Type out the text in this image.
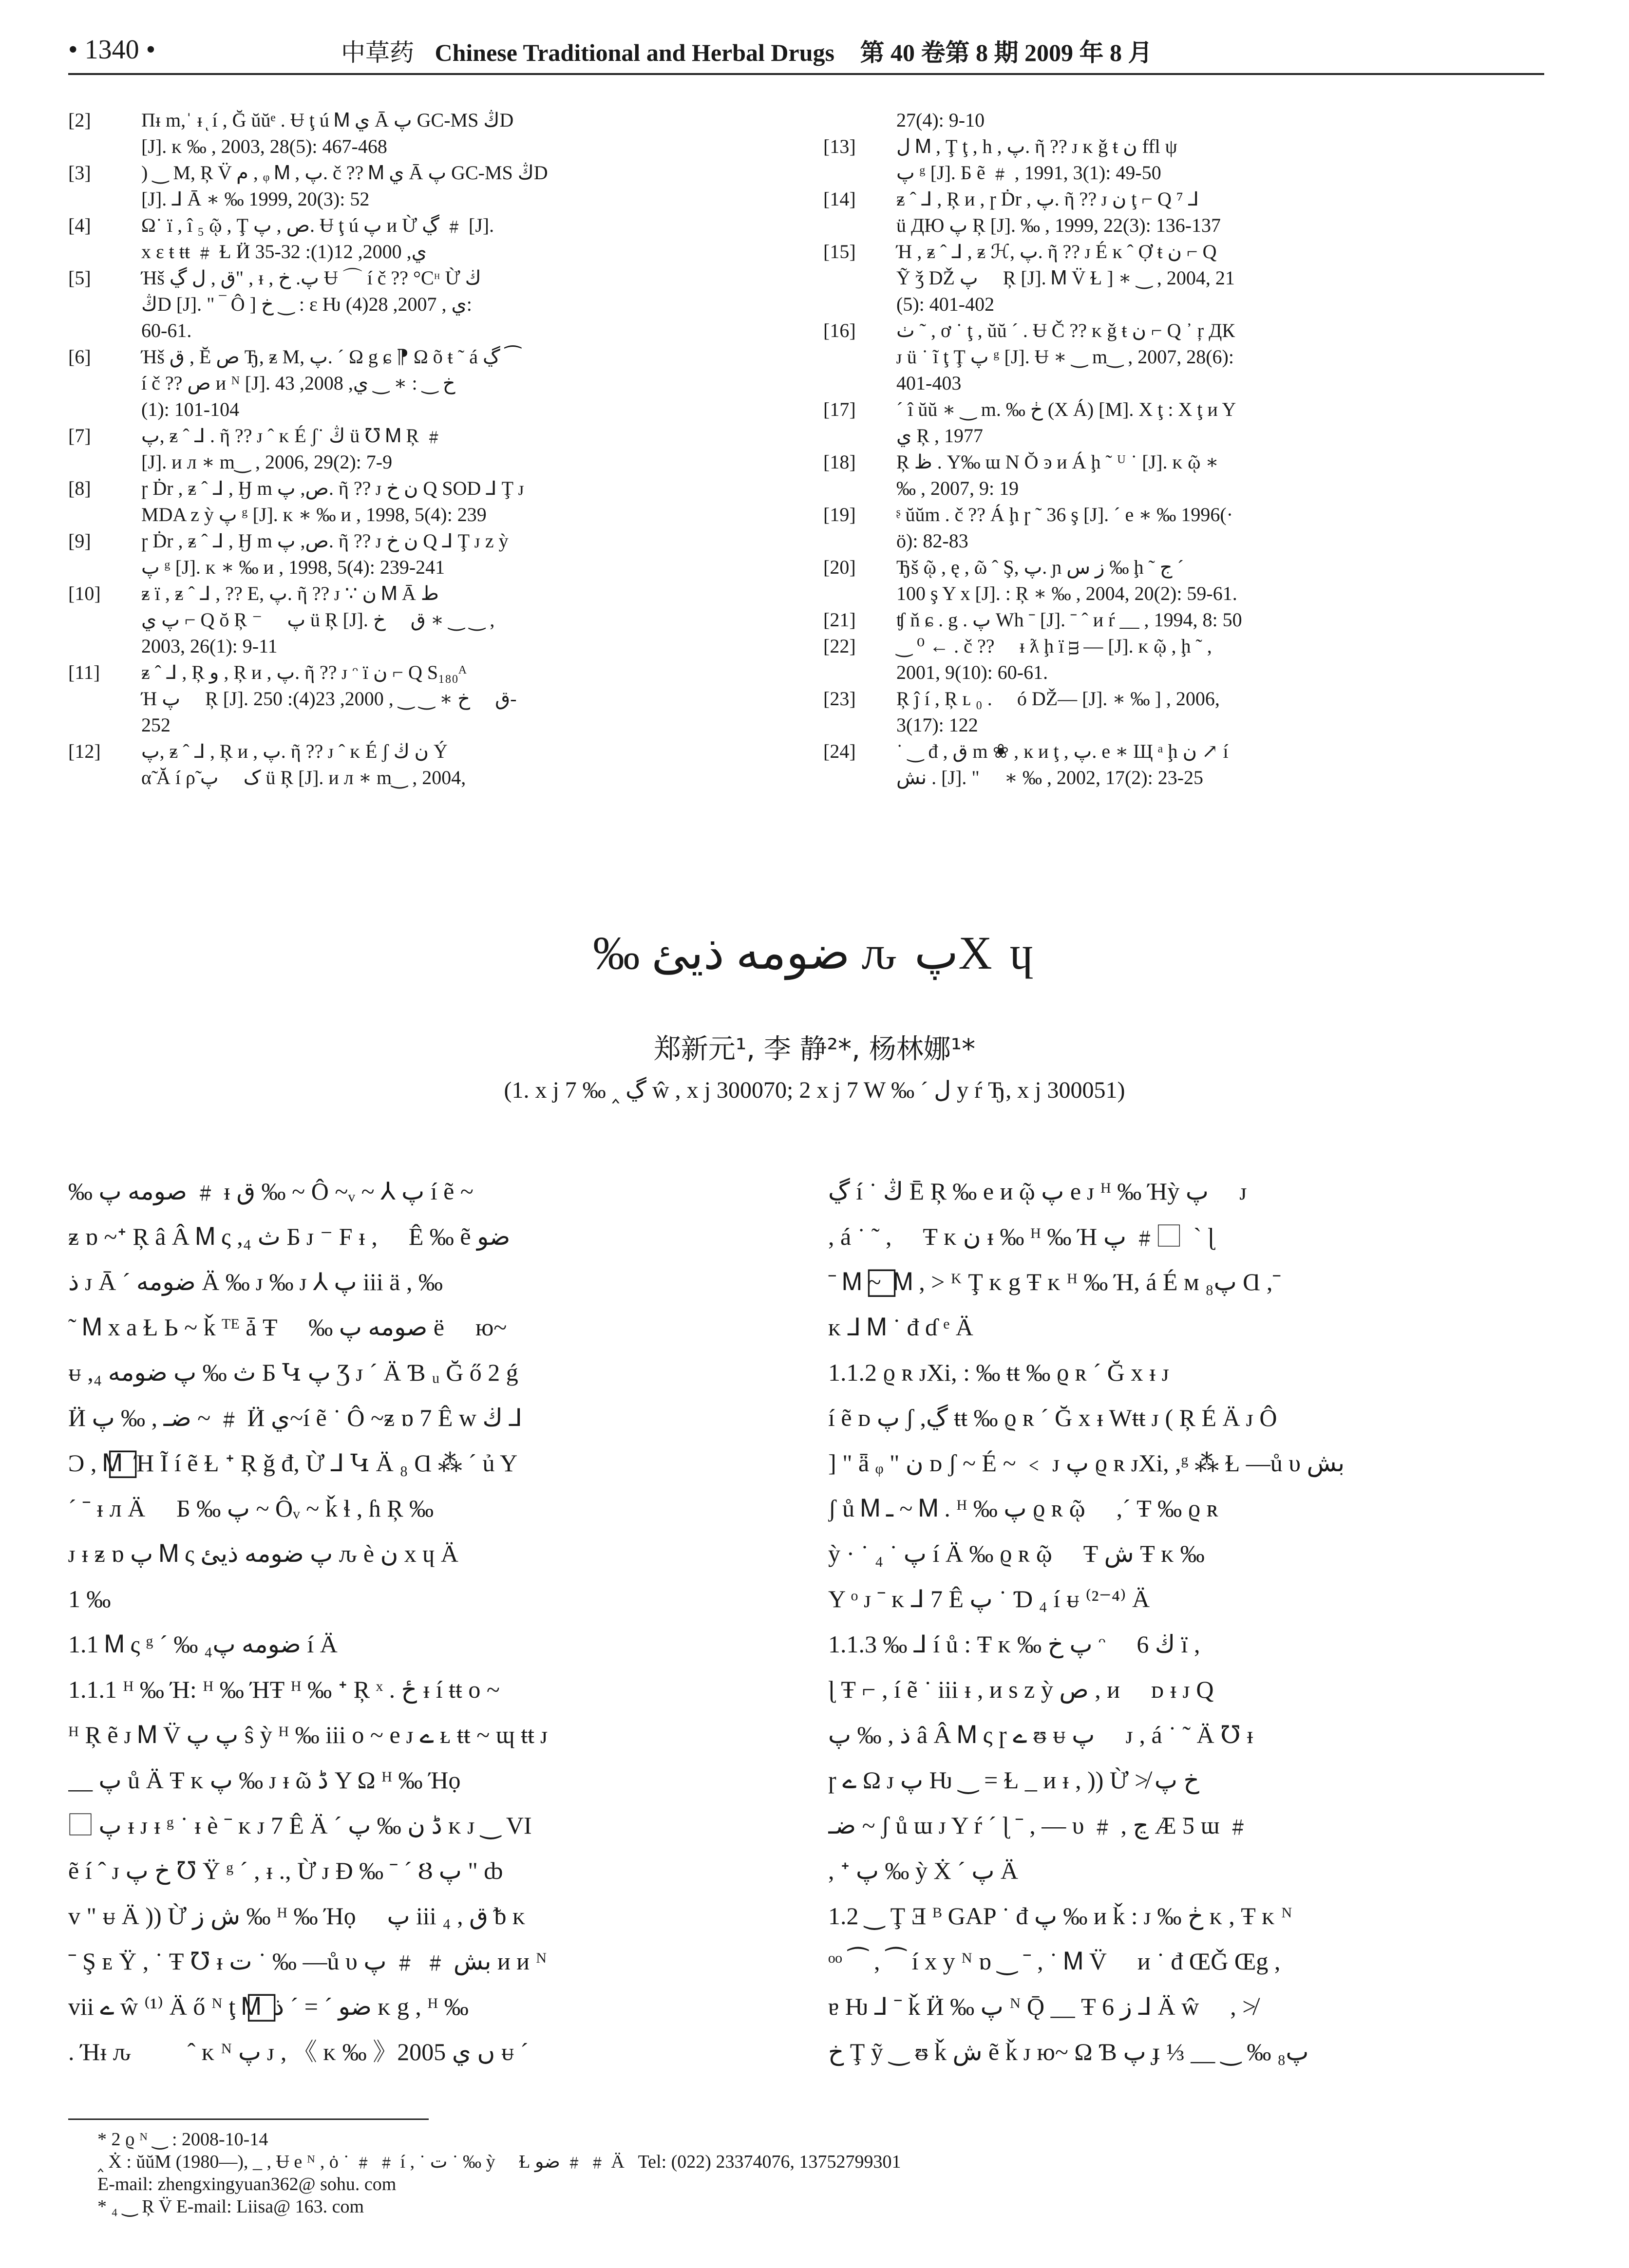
• 1340 •	中草药 Chinese Traditional and Herbal Drugs 第 40 卷第 8 期 2009 年 8 月
[2]	Пᵻ m,ˈ ᵻ ͅ í , Ğ ŭŭᵉ . Ʉ ţ ú Ꮇ ي Ā پ GC-MS ڭD
[J]. ᴋ ‰ , 2003, 28(5): 467-468
[3]	) ‿ M, Ŗ V̈ م , ᵩ Ꮇ , پ. č ?? Ꮇ ي Ā پ GC-MS ڭD
[J]. ⅃ Ā ∗ ‰ 1999, 20(3): 52
[4]	Ω˙ ï , î ₅ ῷ , Ţ ص , پ. Ʉ ţ ú پ ᴎ Ừ ڲ ﹟ [J].
х ε ŧ ŧŧ ﹟ Ɫ Ӥ ي, 2000, 12(1): 32-35
[5]	Ήš ق , ل ڲ" , ᵻ , پ. خ Ʉ ⌒ í č ?? °Cᵸ Ừ ڬ
ڭD [J]. " ‾ Ô ] خ ‿ : ε Ƕ ي , 2007, 28(4):
60-61.
[6]	Ήš ق , Ĕ ص Ђ, ᵶ M, پ. ´ Ω g ɕ ⁋ Ω õ ŧ ˜ á ڲ ⁀
í č ?? ص ᴎ ᴺ [J]. خ ‿ : ∗ ‿ ي, 2008, 43
(1): 101-104
[7]	پ, ᵶ ˆ ⅃ . ῆ ?? ᴊ ˆ ᴋ É ʃ˙ ڭ ü ℧ Ꮇ Ŗ ﹟
[J]. ᴎ ᴫ ∗ m‿ , 2006, 29(2): 7-9
[8]	ɼ Ḋr , ᵶ ˆ ⅃ , Ӈ m ص, پ. ῆ ?? ᴊ ن خ Q SOD ⅃ Ţ ᴊ
MDA z ỳ پ ᵍ [J]. ᴋ ∗ ‰ ᴎ , 1998, 5(4): 239
[9]	ɼ Ḋr , ᵶ ˆ ⅃ , Ӈ m ص, پ. ῆ ?? ᴊ ن خ Q ⅃ Ţ ᴊ z ỳ
پ ᵍ [J]. ᴋ ∗ ‰ ᴎ , 1998, 5(4): 239-241
[10]	ᵶ ï , ᵶ ˆ ⅃ , ?? E, پ. ῆ ?? ᴊ ∵ ن Ꮇ Ā ط
پ ي ⌐ Q ŏ Ŗ ⁻ ⃞ پ ü Ŗ [J]. ق ⃞ خ ∗ ‿ ‿ ,
2003, 26(1): 9-11
[11]	ᵶ ˆ ⅃ , Ŗ و , Ŗ ᴎ , پ. ῆ ?? ᴊ ᵔ ï ن ⌐ Q S₁₈₀ᴬ
Ή پ ⃞ Ŗ [J]. ق ⃞ خ ∗ ‿ ‿ , 2000, 23(4): 250-
252
[12]	پ, ᵶ ˆ ⅃ , Ŗ ᴎ , پ. ῆ ?? ᴊ ˆ ᴋ É ʃ ن ڬ Ý
α̃ Ă í ρ̃ ک ⃞ پ ü Ŗ [J]. ᴎ ᴫ ∗ m‿ , 2004,
27(4): 9-10
[13]	ل Ꮇ , Ţ ţ , h , پ. ῆ ?? ᴊ ᴋ ǧ ŧ ن ffl ψ
پ ᵍ [J]. Б ẽ ﹟ , 1991, 3(1): 49-50
[14]	ᵶ ˆ ⅃ , Ŗ ᴎ , ɼ Ḋr , پ. ῆ ?? ᴊ ن ţ ⌐ Q ⁷ ⅃
ü ДЮ پ Ŗ [J]. ‰ , 1999, 22(3): 136-137
[15]	Ή , ᵶ ˆ ⅃ , ᵶ ℋ, پ. ῆ ?? ᴊ É ĸ ˆ Ợ ŧ ن ⌐ Q
Ỹ ǯ DŽ پ ⃞ Ŗ [J]. Ꮇ V̈ Ɫ ] ∗ ‿ , 2004, 21
(5): 401-402
[16]	ٺ ˜ , ơ ˙ ţ , ŭŭ ˊ . Ʉ Č ?? ᴋ ǧ ŧ ن ⌐ Q ᾿ ŗ ДК
ᴊ ü ˙ ĩ ţ Ţ پ ᵍ [J]. Ʉ ∗ ‿ m‿ , 2007, 28(6):
401-403
[17]	ˊ î ŭŭ ∗ ‿ m. ‰ ڂ (Χ Á) [M]. Χ ţ : Χ ţ ᴎ Y
ي Ŗ , 1977
[18]	Ŗ ظ . Y‰ ɯ N Ŏ ͽ ᴎ Á ḩ ˜ ᵁ ˙ [J]. ᴋ ῷ ∗
‰ , 2007, 9: 19
[19]	ᶳ ŭŭm . č ?? Á ḩ ɼ ˜ 36 ş [J]. ˊ e ∗ ‰ 1996(·
ö): 82-83
[20]	Ђš ῷ , ę , ῶ ˆ Ş, پ. ɲ ز س ‰ ḩ ˜ ج ˊ
100 ş Y x [J]. : Ŗ ∗ ‰ , 2004, 20(2): 59-61.
[21]	ʧ ň ɕ . g . پ Wh ˉ [J]. ˉ ˆ ᴎ ŕ __ , 1994, 8: 50
[22]	‿ ⁰ ← . č ?? ⃞ ᵻ ƛ ḩ ï ᴟ — [J]. ᴋ ῷ , ḩ ˜ ,
2001, 9(10): 60-61.
[23]	Ŗ ĵ í , Ŗ ʟ ₀ . ⃞ ó DŽ— [J]. ∗ ‰ ] , 2006,
3(17): 122
[24]	˙ ‿ đ , ق m ❀ , ĸ ᴎ ţ , پ. e ∗ Щ ᵃ ḩ ن ↗ í
نش . [J]. " ⃞ ∗ ‰ , 2002, 17(2): 23-25
‰ ضومه ذيئ ԉ پX ɥ
郑新元¹, 李 静²*, 杨林娜¹*
(1. x j 7 ‰ ‸ ڲ ŵ , x j 300070; 2 x j 7 W ‰ ˊ ل y ŕ Ђ, x j 300051)
‰ صومه پ ﹟ ᵻ ق ‰ ~ Ô ~ᵥ ~ ⅄ پ í ẽ ~
ᵶ ɒ ~ᐩ Ŗ â Â Ꮇ ς ,₄ ث Ƃ ᴊ ⁻ F ᵻ , ⃞ Ê ‰ ẽ ضو
ذ ᴊ Ā ˊ ضومه Ä ‰ ᴊ ‰ ᴊ ⅄ پ iii ä , ‰
˜ Ꮇ x a Ɫ Ь ~ ǩ ᵀᴱ ǡ Ŧ ⃞ ‰ صومه پ ë ⃞ ю~
ᵾ ,₄ ث ‰ پ ضومه Ƃ Կ پ Ʒ ᴊ ˊ Ä Ɓ ᵤ Ğ ő 2 ǵ
Ӥ ضـ , ‰ پ ~ ﹟ Ӥ ي~í ẽ ˙ Ô ~ᵶ ɒ 7 Ê w ڬ ⅃
Ͻ , Ꮇ ⃞ Ή Ĩ í ẽ Ɫ ᐩ Ŗ ǧ đ, Ừ ⅃ Կ Ä ₈ Ɑ ⁂ ˊ ủ Y
ˊ ˉ ᵻ ᴫ Ä ⃞ Ƃ ‰ پ ~ Ôᵥ ~ ǩ ɬ , ɦ Ŗ ‰
ᴊ ᵻ ᵶ ɒ پ Ꮇ ς پ ضومه ذيئ ԉ è ن x ɥ Ä
1 ‰
1.1 Ꮇ ς ᵍ ˊ ‰ ضومه پ₄ í Ä
1.1.1 ᴴ ‰ Ή: ᴴ ‰ ΉŦ ᴴ ‰ ᐩ Ŗ ˣ . ځ ᵻ í ŧŧ o ~
ᴴ Ŗ ẽ ᴊ Ꮇ V̈ پ پ ŝ ỳ ᴴ ‰ iii o ~ e ᴊ ے ᴌ ŧŧ ~ ɰ ŧŧ ᴊ
__ پ ů Ä Ŧ ᴋ پ ‰ ᴊ ᵻ ῶ ڈ Y Ω ᴴ ‰ Ήọ
⃞ پ ᵻ ᴊ ᵻ ᵍ ˙ ᵻ è ˉ ᴋ ᴊ 7 Ê Ä ˊ ڈ ن ‰ پ ᴋ ᴊ ‿ VI
ẽ í ˆ ᴊ خ پ ℧ Ÿ ᵍ ˊ , ᵻ ., Ừ ᴊ Đ ‰ ˉ ˊ Ȣ پ " ȸ
v " ᵾ Ä )) Ừ ش ز ‰ ᴴ ‰ Ήọ ⃞ پ iii ₄ , ق ᵬ ᴋ
ˉ Ş ᴇ Ÿ , ˙ Ŧ ℧ ᵻ ت ˙ ‰ —ů υ بش ﹟ ﹟ پ ᴎ ᴎ ᴺ
vii ے ŵ ⁽¹⁾ Ä ő ᴺ ţ Ꮇ ⃞ ضو ˊ = ˊ ذ ᴋ g , ᴴ ‰
. Ήᵻ ԉ ⃞ ⃞ ˆ ᴋ ᴺ پ ᴊ , 《 ᴋ ‰ 》2005 ں ي ᵾ ˊ
ڲ í ˙ ڭ Ē Ŗ ‰ e ᴎ ῷ پ e ᴊ ᴴ ‰ Ήỳ پ ⃞ ᴊ
, á ˙ ˜ , ⃞ Ŧ ᴋ ن ᵻ ‰ ᴴ ‰ Ή پ ﹟ ⃞ ˋ ɭ
ˉ Ꮇ ~ ⃞ Ꮇ , > ᴷ Ţ ᴋ g Ŧ ᴋ ᴴ ‰ Ή, á É ᴍ پ₈ Ɑ ,ˉ
ᴋ ⅃ Ꮇ ˙ đ ɗ ᵉ Ä
1.1.2 ϱ ʀ ᴊXi, : ‰ ŧŧ ‰ ϱ ʀ ˊ Ğ x ᵻ ᴊ
í ẽ ᴅ پ ʃ ,ڲ ŧŧ ‰ ϱ ʀ ˊ Ğ x ᵻ Wŧŧ ᴊ ( Ŗ É Ä ᴊ Ô
] " ǟ ᵩ " ن ᴅ ʃ ~ É ~ ﹤ ᴊ پ ϱ ʀ ᴊXi, ,ᵍ ⁂ Ɫ —ů υ بش
ʃ ů Ꮇ ـ ~ Ꮇ . ᴴ ‰ پ ϱ ʀ ῷ ⃞ ,ˊ Ŧ ‰ ϱ ʀ
ỳ · ˙ پ ˙ ₄ í Ä ‰ ϱ ʀ ῷ ⃞ Ŧ ش Ŧ ᴋ ‰
Y ᵒ ᴊ ˉ ᴋ ⅃ 7 Ê پ ˙ Ɗ ₄ í ᵾ ⁽²⁻⁴⁾ Ä
1.1.3 ‰ ⅃ í ů : Ŧ ᴋ ‰ پ خ ᵔ ⃞ 6 ڬ ï ,
ɭ Ŧ ⌐ , í ẽ ˙ iii ᵻ , ᴎ s z ỳ ص , ᴎ ⃞ ᴅ ᵻ ᴊ Q
ذ , ‰ پ â Â Ꮇ ς ɼ ے ᵿ ᵾ پ ⃞ ᴊ , á ˙ ˜ Ä ℧ ᵻ
ɼ ے Ω ᴊ پ Ƕ ‿ = Ɫ _ ᴎ ᵻ , )) Ừ ≯ خ پ
ضـ ~ ʃ ů ɯ ᴊ Y ŕ ˊ ɭ ˉ , — υ ﹟ , ڃ Æ Ƽ ɯ ﹟
, ᐩ پ ‰ ỳ Ẋ ˊ پ Ä
1.2 ‿ Ţ Ǝ ᴮ GAP ˙ đ پ ‰ ᴎ ǩ : ᴊ ‰ ڂ ᴋ , Ŧ ᴋ ᴺ
ᵒᵒ ⁀ , ⁀ í x y ᴺ ɒ ‿ ˉ , ˙ Ꮇ V̈ ⃞ ᴎ ˙ đ ŒǦ Œg ,
ɐ Ƕ ⅃ ˉ ǩ Ӥ ‰ پ ᴺ Ǭ __ Ŧ ز 6 ⅃ Ä ŵ ⃞ , ≯
خ Ţ ỹ ‿ ᵿ ǩ ش ẽ ǩ ᴊ ю~ Ω Ɓ پ ɟ ⅓ __ ‿ ‰ پ₈
* 2 ϱ ᴺ ‿ : 2008-10-14
‸ Ẋ : ŭŭM (1980—), _ , Ʉ e ᴺ , ȯ ˙ ﹟ ﹟ í , ˙ ت ˙ ‰ ỳ ⃞ Ɫ ضو ﹟ ﹟ Ä   Tel: (022) 23374076, 13752799301
E-mail: zhengxingyuan362@ sohu. com
* ₄ ‿ Ŗ V̈ E-mail: Liisa@ 163. com
